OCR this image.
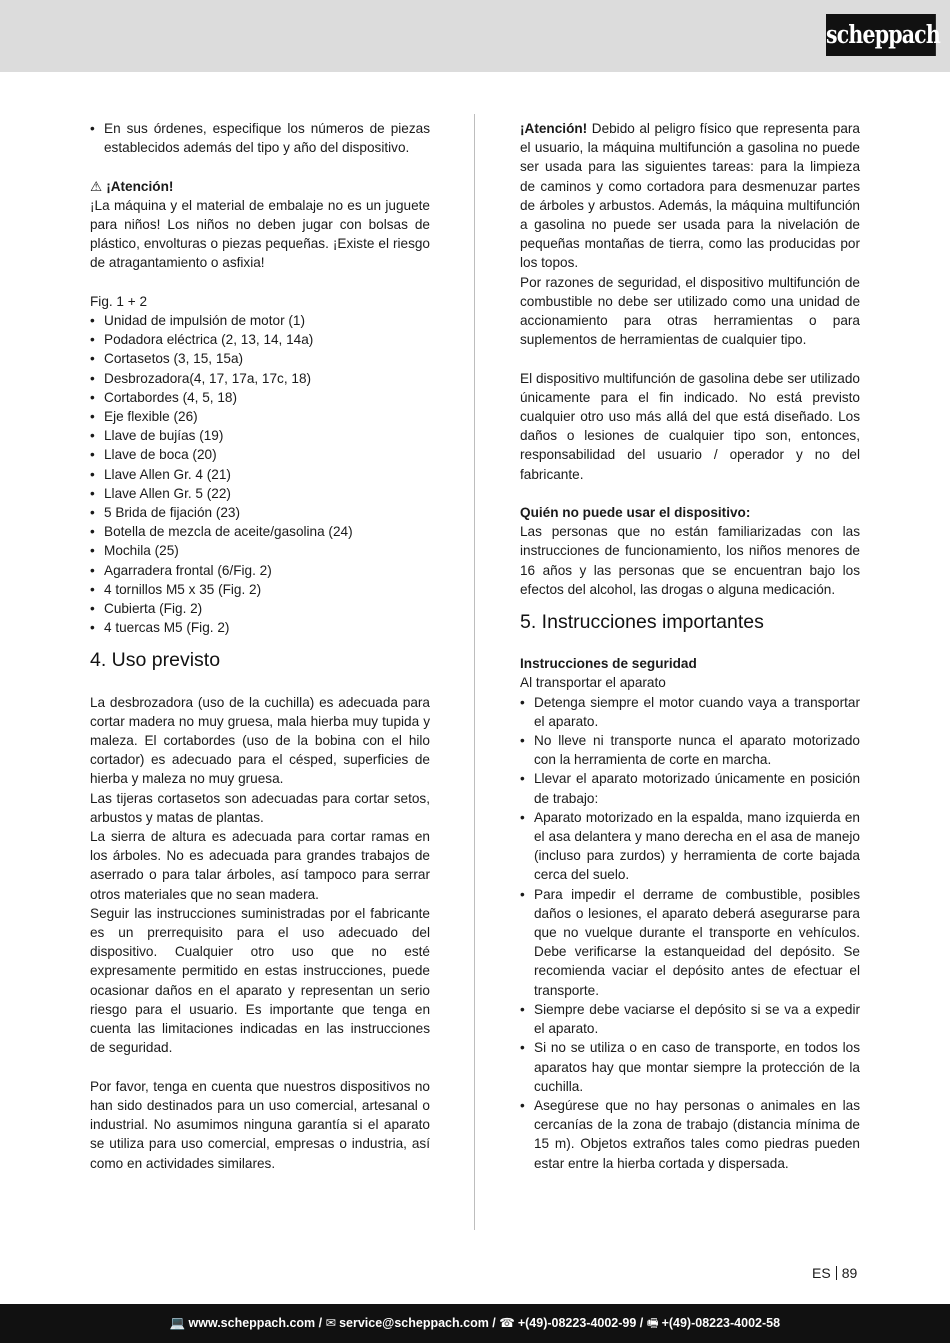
scheppach
• En sus órdenes, especifique los números de piezas establecidos además del tipo y año del dispositivo.

⚠ ¡Atención!

¡La máquina y el material de embalaje no es un juguete para niños! Los niños no deben jugar con bolsas de plástico, envolturas o piezas pequeñas. ¡Existe el riesgo de atragantamiento o asfixia!

Fig. 1 + 2

• Unidad de impulsión de motor (1)
• Podadora eléctrica (2, 13, 14, 14a)
• Cortasetos (3, 15, 15a)
• Desbrozadora(4, 17, 17a, 17c, 18)
• Cortabordes (4, 5, 18)
• Eje flexible (26)
• Llave de bujías (19)
• Llave de boca (20)
• Llave Allen Gr. 4 (21)
• Llave Allen Gr. 5 (22)
• 5 Brida de fijación (23)
• Botella de mezcla de aceite/gasolina (24)
• Mochila (25)
• Agarradera frontal (6/Fig. 2)
• 4 tornillos M5 x 35 (Fig. 2)
• Cubierta (Fig. 2)
• 4 tuercas M5 (Fig. 2)
4. Uso previsto

La desbrozadora (uso de la cuchilla) es adecuada para cortar madera no muy gruesa, mala hierba muy tupida y maleza. El cortabordes (uso de la bobina con el hilo cortador) es adecuado para el césped, superficies de hierba y maleza no muy gruesa.

Las tijeras cortasetos son adecuadas para cortar setos, arbustos y matas de plantas.

La sierra de altura es adecuada para cortar ramas en los árboles. No es adecuada para grandes trabajos de aserrado o para talar árboles, así tampoco para serrar otros materiales que no sean madera.

Seguir las instrucciones suministradas por el fabricante es un prerrequisito para el uso adecuado del dispositivo. Cualquier otro uso que no esté expresamente permitido en estas instrucciones, puede ocasionar daños en el aparato y representan un serio riesgo para el usuario. Es importante que tenga en cuenta las limitaciones indicadas en las instrucciones de seguridad.

Por favor, tenga en cuenta que nuestros dispositivos no han sido destinados para un uso comercial, artesanal o industrial. No asumimos ninguna garantía si el aparato se utiliza para uso comercial, empresas o industria, así como en actividades similares.

¡Atención! Debido al peligro físico que representa para el usuario, la máquina multifunción a gasolina no puede ser usada para las siguientes tareas: para la limpieza de caminos y como cortadora para desmenuzar partes de árboles y arbustos. Además, la máquina multifunción a gasolina no puede ser usada para la nivelación de pequeñas montañas de tierra, como las producidas por los topos.

Por razones de seguridad, el dispositivo multifunción de combustible no debe ser utilizado como una unidad de accionamiento para otras herramientas o para suplementos de herramientas de cualquier tipo.

El dispositivo multifunción de gasolina debe ser utilizado únicamente para el fin indicado. No está previsto cualquier otro uso más allá del que está diseñado. Los daños o lesiones de cualquier tipo son, entonces, responsabilidad del usuario / operador y no del fabricante.

Quién no puede usar el dispositivo:

Las personas que no están familiarizadas con las instrucciones de funcionamiento, los niños menores de 16 años y las personas que se encuentran bajo los efectos del alcohol, las drogas o alguna medicación.

5. Instrucciones importantes

Instrucciones de seguridad

Al transportar el aparato

• Detenga siempre el motor cuando vaya a transportar el aparato.
• No lleve ni transporte nunca el aparato motorizado con la herramienta de corte en marcha.
• Llevar el aparato motorizado únicamente en posición de trabajo:
• Aparato motorizado en la espalda, mano izquierda en el asa delantera y mano derecha en el asa de manejo (incluso para zurdos) y herramienta de corte bajada cerca del suelo.
• Para impedir el derrame de combustible, posibles daños o lesiones, el aparato deberá asegurarse para que no vuelque durante el transporte en vehículos. Debe verificarse la estanqueidad del depósito. Se recomienda vaciar el depósito antes de efectuar el transporte.
• Siempre debe vaciarse el depósito si se va a expedir el aparato.
• Si no se utiliza o en caso de transporte, en todos los aparatos hay que montar siempre la protección de la cuchilla.
• Asegúrese que no hay personas o animales en las cercanías de la zona de trabajo (distancia mínima de 15 m). Objetos extraños tales como piedras pueden estar entre la hierba cortada y dispersada.
ES 89
💻 www.scheppach.com / ✉ service@scheppach.com / ☎ +(49)-08223-4002-99 / 🖷 +(49)-08223-4002-58
